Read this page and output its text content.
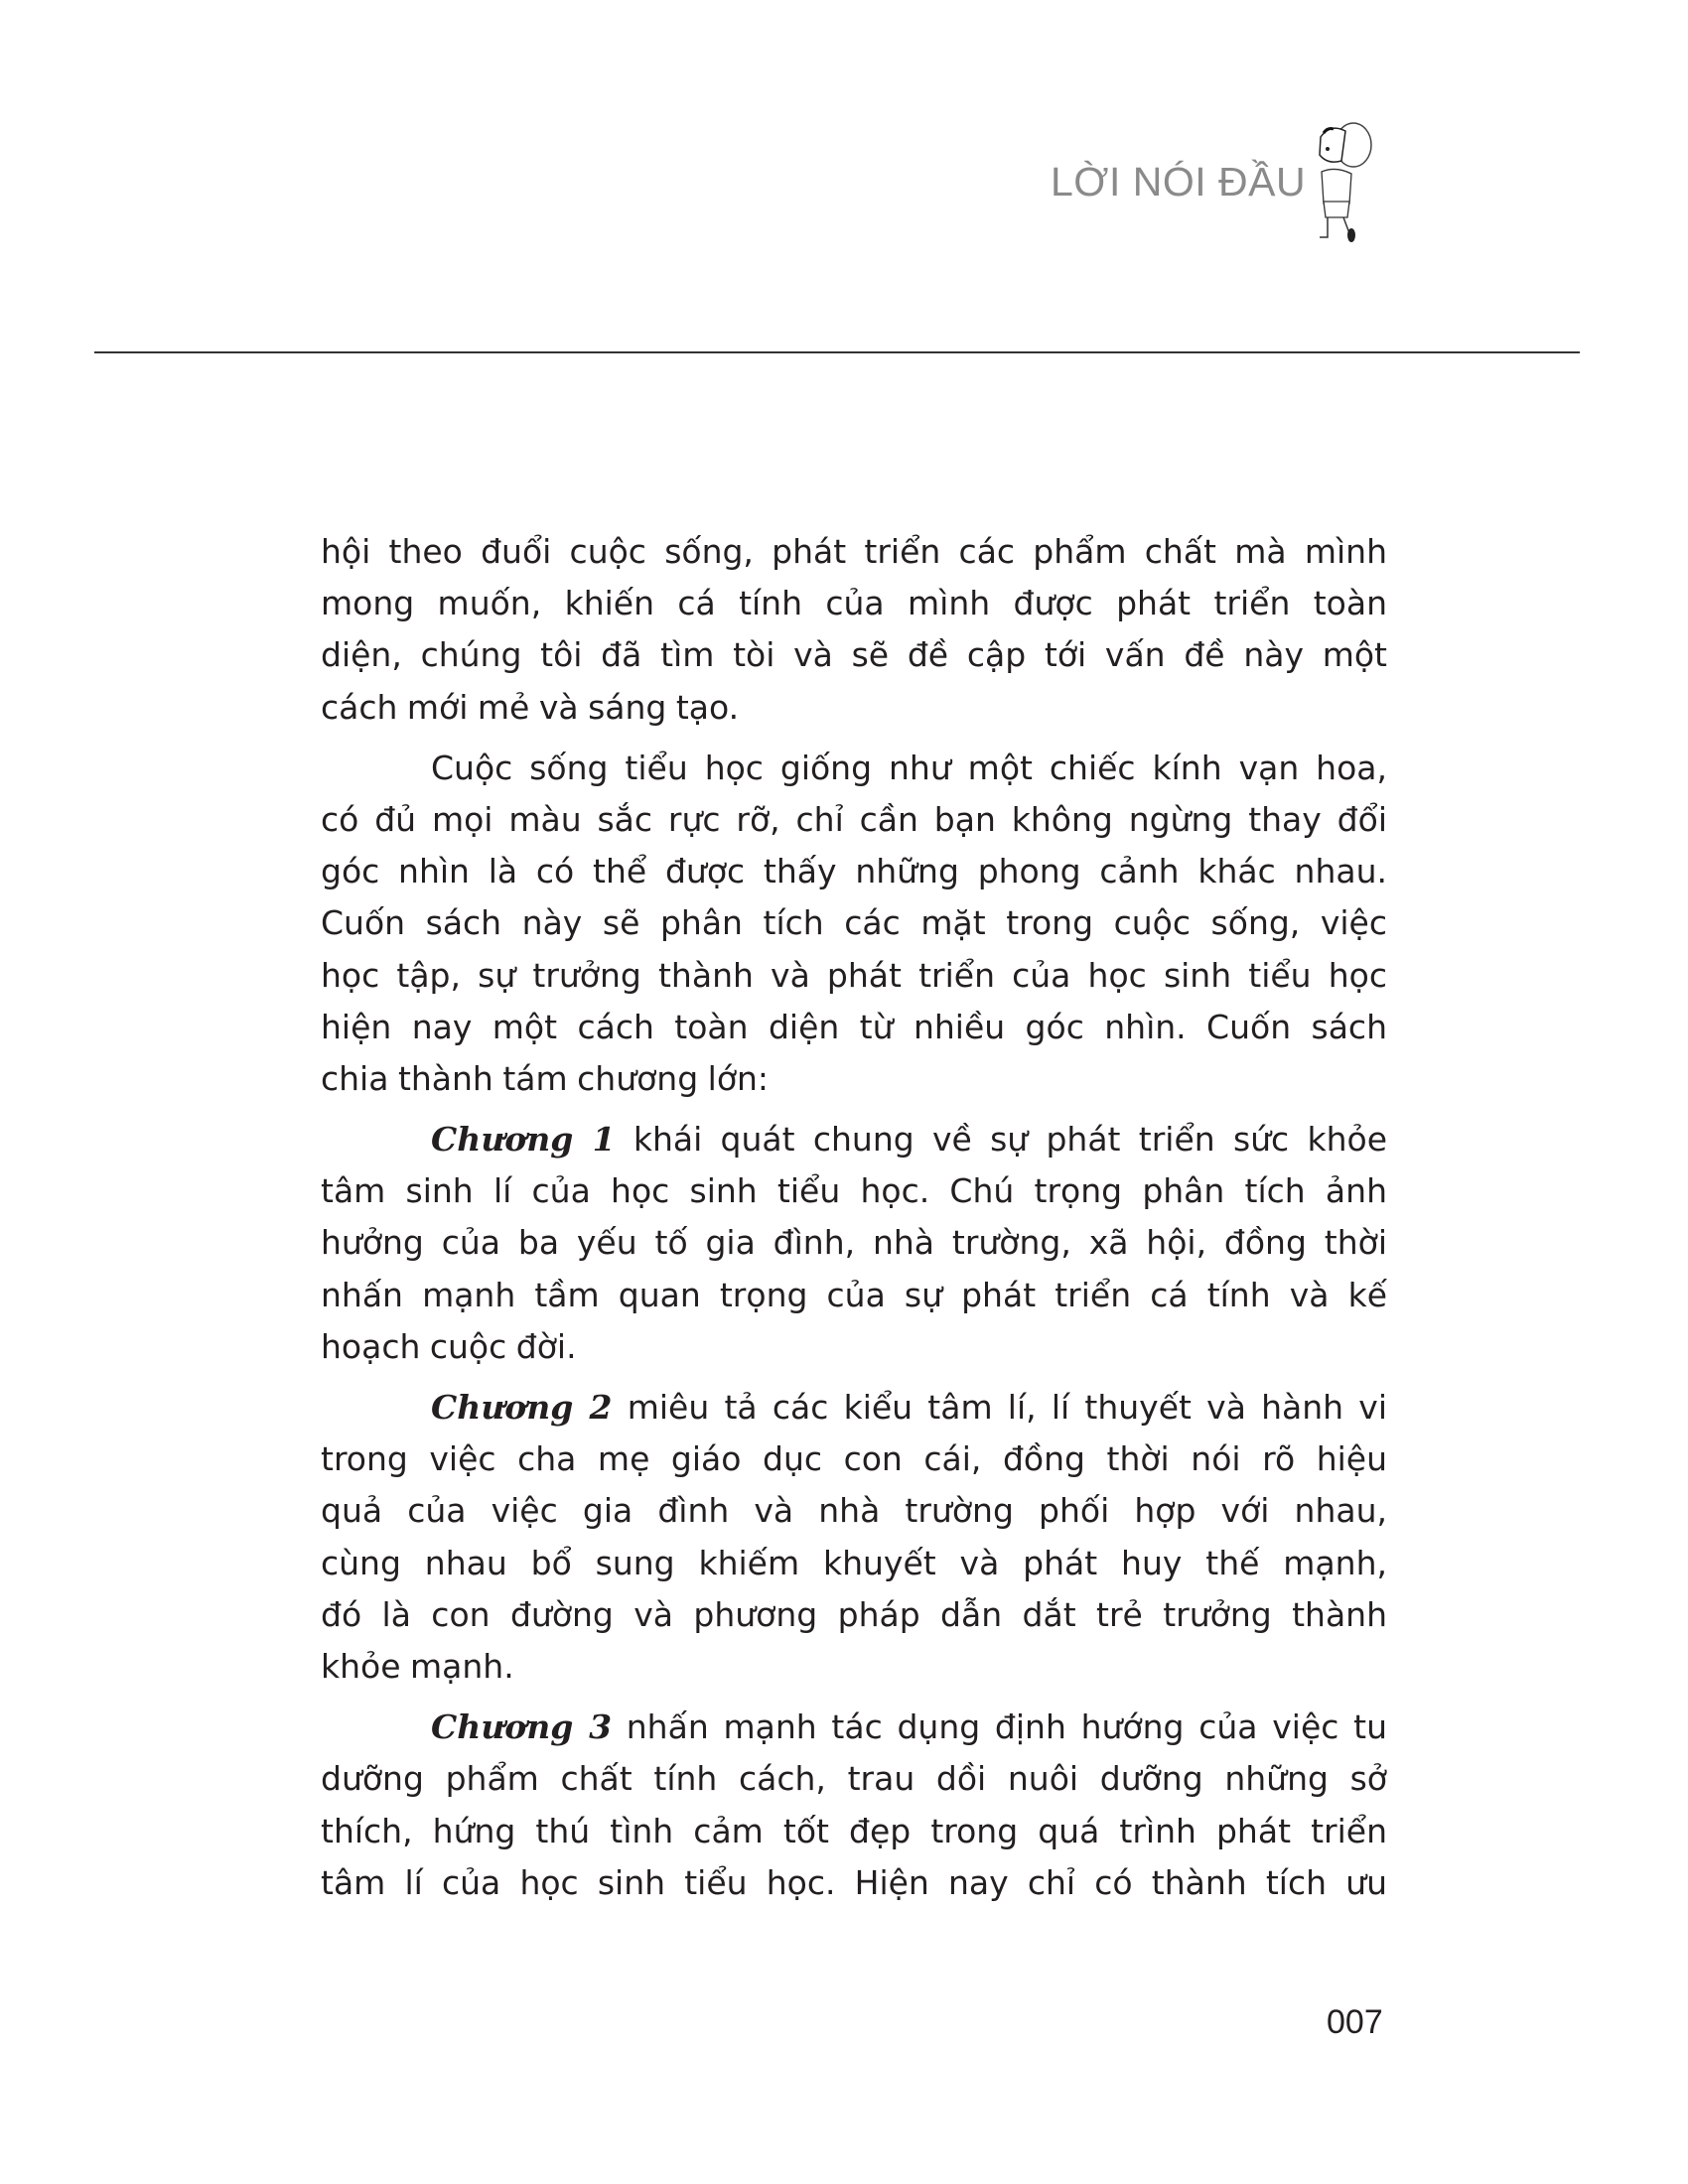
LỜI NÓI ĐẦU
hội theo đuổi cuộc sống, phát triển các phẩm chất mà mình
mong muốn, khiến cá tính của mình được phát triển toàn
diện, chúng tôi đã tìm tòi và sẽ đề cập tới vấn đề này một
cách mới mẻ và sáng tạo.
Cuộc sống tiểu học giống như một chiếc kính vạn hoa,
có đủ mọi màu sắc rực rỡ, chỉ cần bạn không ngừng thay đổi
góc nhìn là có thể được thấy những phong cảnh khác nhau.
Cuốn sách này sẽ phân tích các mặt trong cuộc sống, việc
học tập, sự trưởng thành và phát triển của học sinh tiểu học
hiện nay một cách toàn diện từ nhiều góc nhìn. Cuốn sách
chia thành tám chương lớn:
Chương 1 khái quát chung về sự phát triển sức khỏe
tâm sinh lí của học sinh tiểu học. Chú trọng phân tích ảnh
hưởng của ba yếu tố gia đình, nhà trường, xã hội, đồng thời
nhấn mạnh tầm quan trọng của sự phát triển cá tính và kế
hoạch cuộc đời.
Chương 2 miêu tả các kiểu tâm lí, lí thuyết và hành vi
trong việc cha mẹ giáo dục con cái, đồng thời nói rõ hiệu
quả của việc gia đình và nhà trường phối hợp với nhau,
cùng nhau bổ sung khiếm khuyết và phát huy thế mạnh,
đó là con đường và phương pháp dẫn dắt trẻ trưởng thành
khỏe mạnh.
Chương 3 nhấn mạnh tác dụng định hướng của việc tu
dưỡng phẩm chất tính cách, trau dồi nuôi dưỡng những sở
thích, hứng thú tình cảm tốt đẹp trong quá trình phát triển
tâm lí của học sinh tiểu học. Hiện nay chỉ có thành tích ưu
007
